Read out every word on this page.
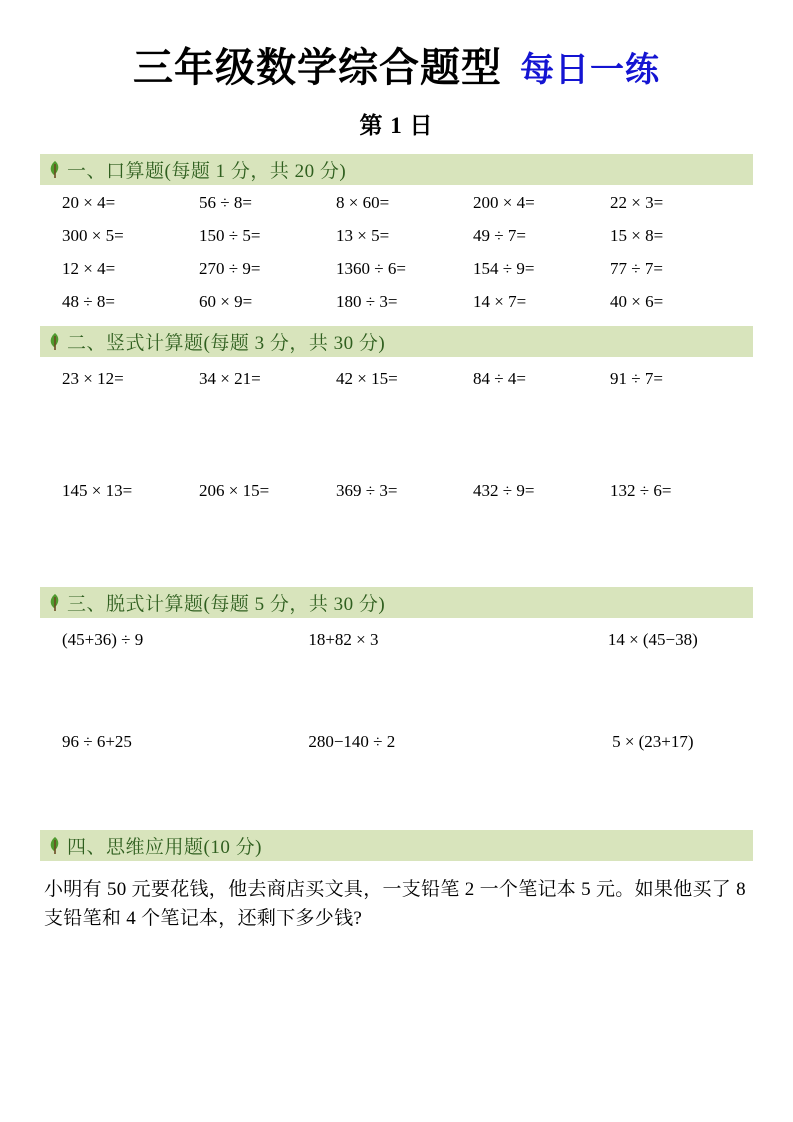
三年级数学综合题型 每日一练
第 1 日
一、口算题(每题 1 分，共 20 分)
20 × 4=	56 ÷ 8=	8 × 60=	200 × 4=	22 × 3=
300 × 5=	150 ÷ 5=	13 × 5=	49 ÷ 7=	15 × 8=
12 × 4=	270 ÷ 9=	1360 ÷ 6=	154 ÷ 9=	77 ÷ 7=
48 ÷ 8=	60 × 9=	180 ÷ 3=	14 × 7=	40 × 6=
二、竖式计算题(每题 3 分，共 30 分)
23 × 12=	34 × 21=	42 × 15=	84 ÷ 4=	91 ÷ 7=
145 × 13=	206 × 15=	369 ÷ 3=	432 ÷ 9=	132 ÷ 6=
三、脱式计算题(每题 5 分，共 30 分)
(45+36) ÷ 9	18+82 × 3	14 × (45−38)
96 ÷ 6+25	280−140 ÷ 2	5 × (23+17)
四、思维应用题(10 分)
小明有 50 元要花钱，他去商店买文具，一支铅笔 2 一个笔记本 5 元。如果他买了 8 支铅笔和 4 个笔记本，还剩下多少钱?
